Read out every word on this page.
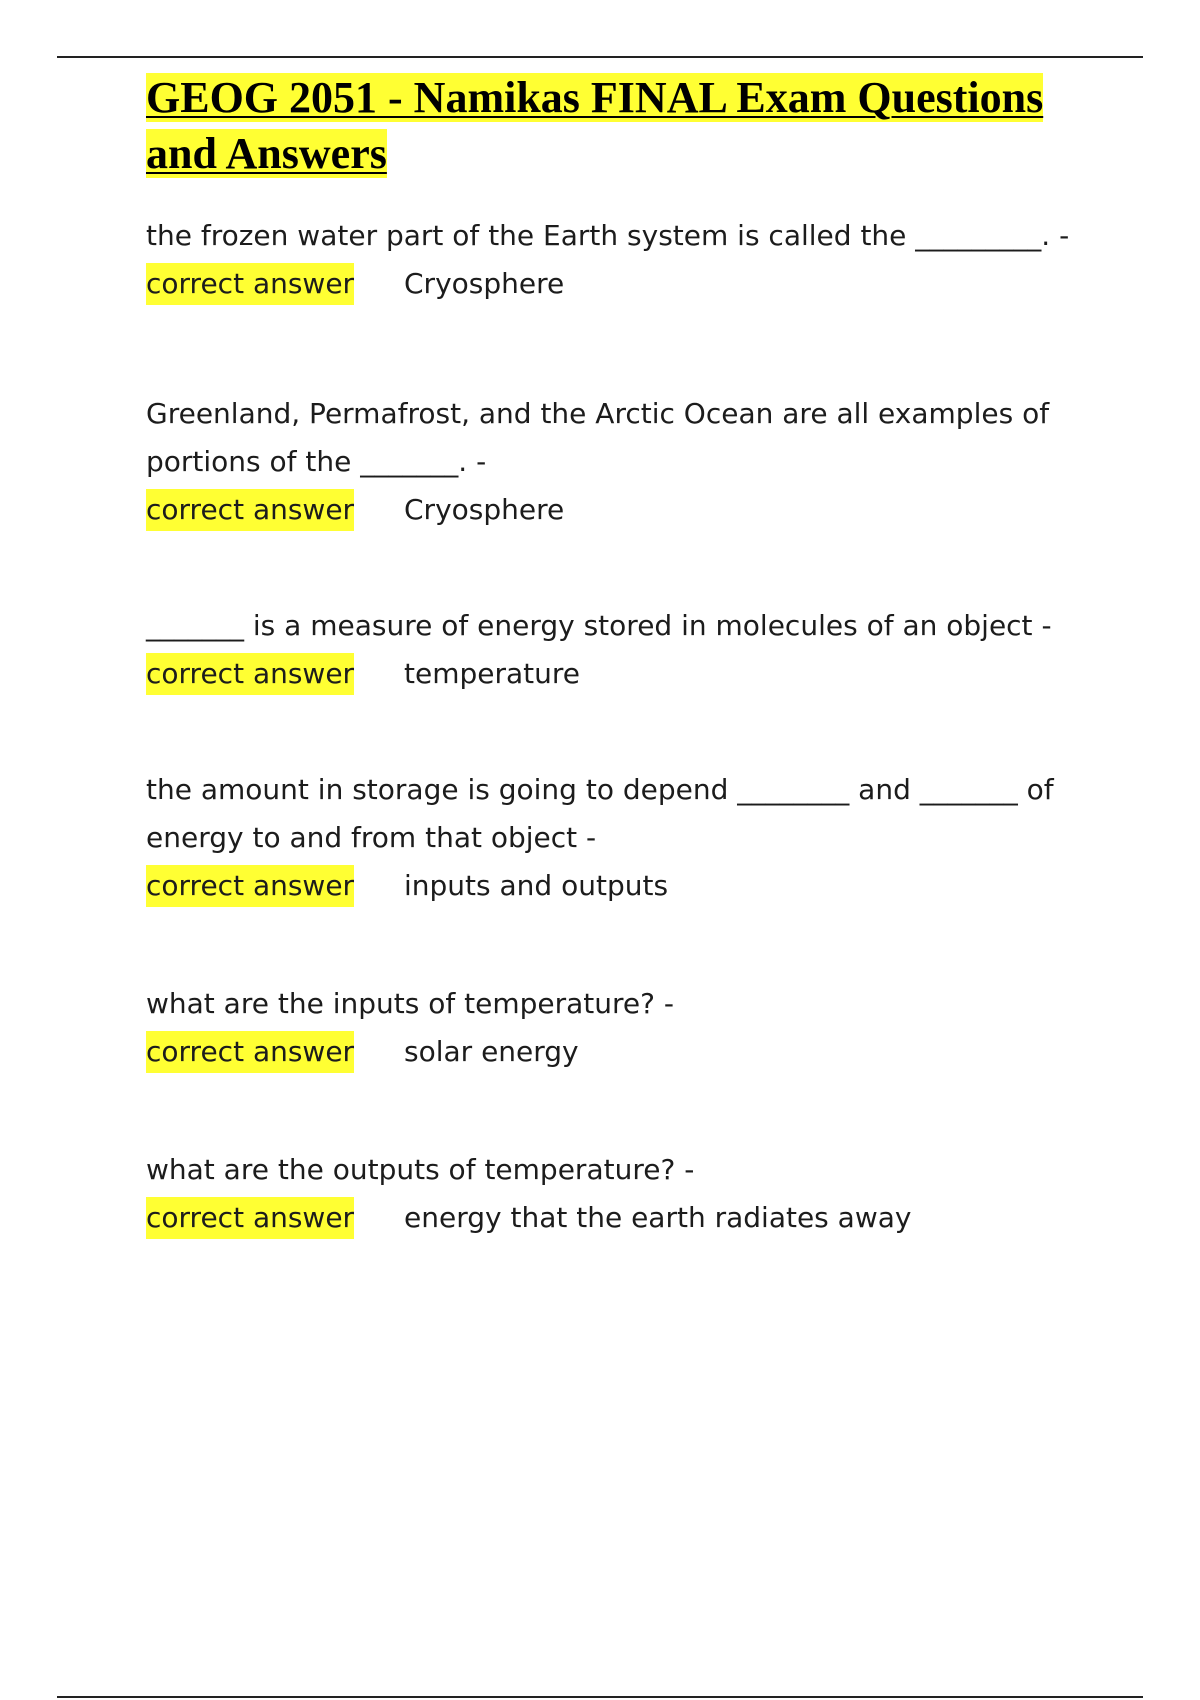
GEOG 2051 - Namikas FINAL Exam Questions and Answers

the frozen water part of the Earth system is called the _________. -

correct answer Cryosphere

Greenland, Permafrost, and the Arctic Ocean are all examples of portions of the _______. -

correct answer Cryosphere

_______ is a measure of energy stored in molecules of an object -

correct answer temperature

the amount in storage is going to depend ________ and _______ of energy to and from that object -

correct answer inputs and outputs

what are the inputs of temperature? -

correct answer solar energy

what are the outputs of temperature? -

correct answer energy that the earth radiates away
